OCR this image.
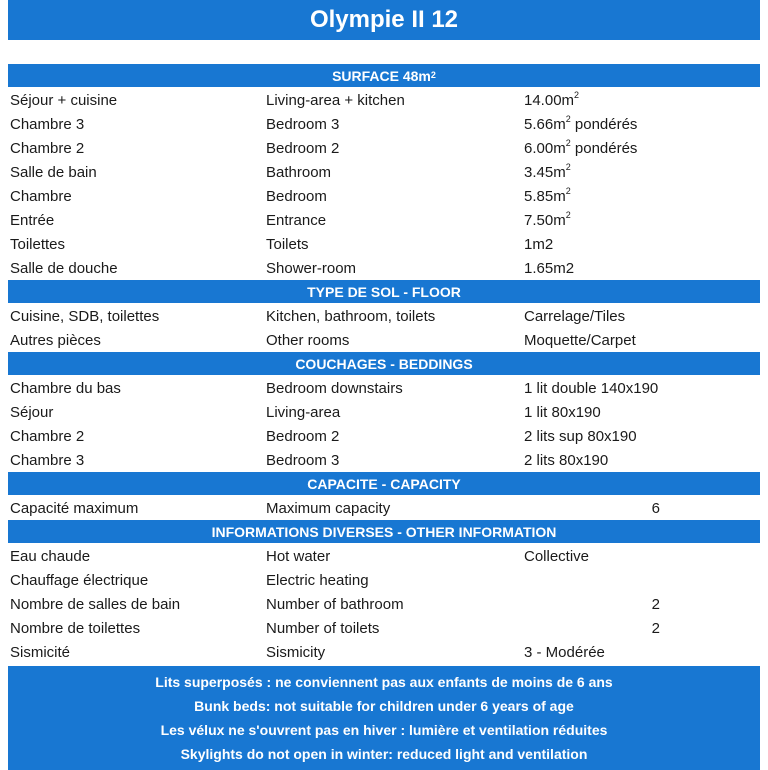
Olympie II 12
SURFACE $48m^2$
Séjour + cuisine	Living-area + kitchen	$14.00m^2$
Chambre 3	Bedroom 3	$5.66m^2$ pondérés
Chambre 2	Bedroom 2	$6.00m^2$ pondérés
Salle de bain	Bathroom	$3.45m^2$
Chambre	Bedroom	$5.85m^2$
Entrée	Entrance	$7.50m^2$
Toilettes	Toilets	1m2
Salle de douche	Shower-room	1.65m2
TYPE DE SOL - FLOOR
Cuisine, SDB, toilettes	Kitchen, bathroom, toilets	Carrelage/Tiles
Autres pièces	Other rooms	Moquette/Carpet
COUCHAGES - BEDDINGS
Chambre du bas	Bedroom downstairs	1 lit double 140x190
Séjour	Living-area	1 lit 80x190
Chambre 2	Bedroom 2	2 lits sup 80x190
Chambre 3	Bedroom 3	2 lits 80x190
CAPACITE - CAPACITY
Capacité maximum	Maximum capacity	6
INFORMATIONS DIVERSES - OTHER INFORMATION
Eau chaude	Hot water	Collective
Chauffage électrique	Electric heating
Nombre de salles de bain	Number of bathroom	2
Nombre de toilettes	Number of toilets	2
Sismicité	Sismicity	3 - Modérée
Lits superposés : ne conviennent pas aux enfants de moins de 6 ans
Bunk beds: not suitable for children under 6 years of age
Les vélux ne s'ouvrent pas en hiver : lumière et ventilation réduites
Skylights do not open in winter: reduced light and ventilation
